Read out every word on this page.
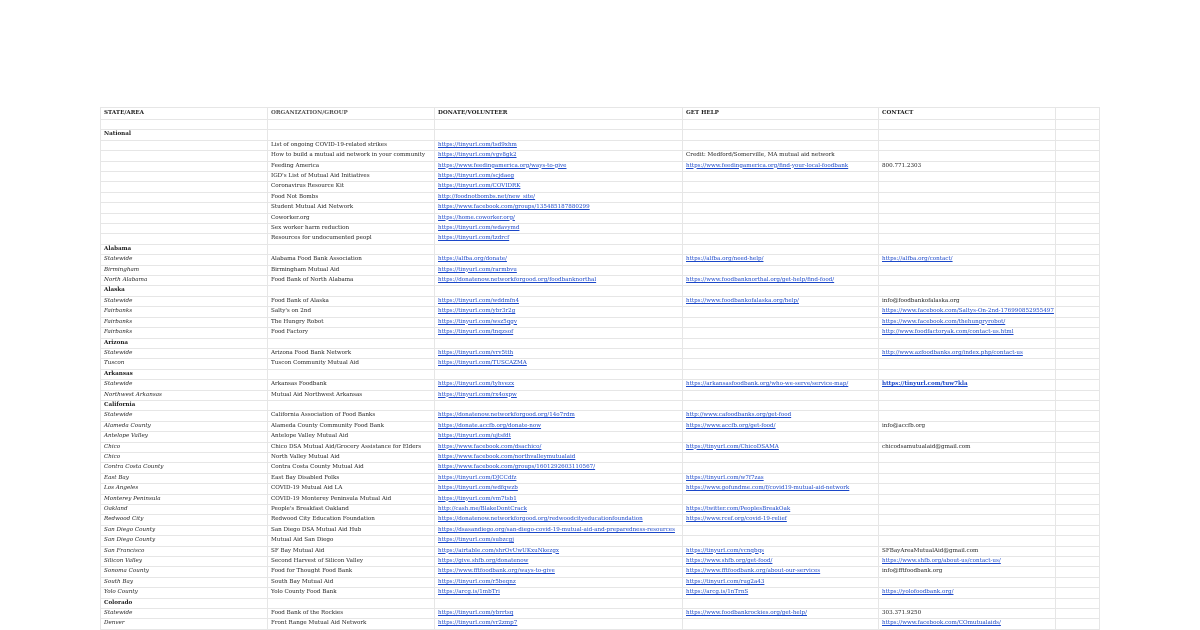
STATE/AREA	ORGANIZATION/GROUP	DONATE/VOLUNTEER	GET HELP	CONTACT	

National					
	List of ongoing COVID-19-related strikes	https://tinyurl.com/tsd9xhm			
	How to build a mutual aid network in your community	https://tinyurl.com/vgv8gk2	Credit: Medford/Somerville, MA mutual aid network		
	Feeding America	https://www.feedingamerica.org/ways-to-give	https://www.feedingamerica.org/find-your-local-foodbank	800.771.2303	
	IGD's List of Mutual Aid Initiatives	https://tinyurl.com/scjdaeg			
	Coronavirus Resource Kit	https://tinyurl.com/COVIDRK			
	Food Not Bombs	http://foodnotbombs.net/new_site/			
	Student Mutual Aid Network	https://www.facebook.com/groups/135485187880299			
	Coworker.org	https://home.coworker.org/			
	Sex worker harm reduction	https://tinyurl.com/wdavymd			
	Resources for undocumented peopl	https://tinyurl.com/tzdrcf			
Alabama					
Statewide	Alabama Food Bank Association	https://alfba.org/donate/	https://alfba.org/need-help/	https://alfba.org/contact/	
Birmingham	Birmingham Mutual Aid	https://tinyurl.com/rarmbvu			
North Alabama	Food Bank of North Alabama	https://donatenow.networkforgood.org/foodbanknorthal	https://www.foodbanknorthal.org/get-help/find-food/		
Alaska					
Statewide	Food Bank of Alaska	https://tinyurl.com/wddmfn4	https://www.foodbankofalaska.org/help/	info@foodbankofalaska.org	
Fairbanks	Salty's on 2nd	https://tinyurl.com/ybr3r2g		https://www.facebook.com/Saltys-On-2nd-176990852955497	
Fairbanks	The Hungry Robot	https://tinyurl.com/wsz5qgv		https://www.facebook.com/thehungryrobot/	
Fairbanks	Food Factory	https://tinyurl.com/tnqzsof		http://www.foodfactoryak.com/contact-us.html	
Arizona					
Statewide	Arizona Food Bank Network	https://tinyurl.com/vrv5tth		http://www.azfoodbanks.org/index.php/contact-us	
Tuscon	Tuscon Community Mutual Aid	https://tinyurl.com/TUSCAZMA			
Arkansas					
Statewide	Arkansas Foodbank	https://tinyurl.com/tyhvezx	https://arkansasfoodbank.org/who-we-serve/service-map/	https://tinyurl.com/tuw7kla	
Northwest Arkansas	Mutual Aid Northwest Arkansas	https://tinyurl.com/rx4oxpw			
California					
Statewide	California Association of Food Banks	https://donatenow.networkforgood.org/14o7rdm	http://www.cafoodbanks.org/get-food		
Alameda County	Alameda County Community Food Bank	https://donate.accfb.org/donate-now	https://www.accfb.org/get-food/	info@accfb.org	
Antelope Valley	Antelope Valley Mutual Aid	https://tinyurl.com/ujtsfdt			
Chico	Chico DSA Mutual Aid/Grocery Assistance for Elders	https://www.facebook.com/dsachico/	https://tinyurl.com/ChicoDSAMA	chicodsamutualaid@gmail.com	
Chico	North Valley Mutual Aid	https://www.facebook.com/northvalleymutualaid			
Contra Costa County	Contra Costa County Mutual Aid	https://www.facebook.com/groups/1601292603110567/			
East Bay	East Bay Disabled Folks	https://tinyurl.com/DJCCdfz	https://tinyurl.com/w7f7zas		
Los Angeles	COVID-19 Mutual Aid LA	https://tinyurl.com/wdfqwzb	https://www.gofundme.com/f/covid19-mutual-aid-network		
Monterey Peninsula	COVID-19 Monterey Peninsula Mutual Aid	https://tinyurl.com/vm7tsb1			
Oakland	People's Breakfast Oakland	http://cash.me/BlakeDontCrack	https://twitter.com/PeoplesBreakOak		
Redwood City	Redwood City Education Foundation	https://donatenow.networkforgood.org/redwoodcityeducationfoundation	https://www.rcef.org/covid-19-relief		
San Diego County	San Diego DSA Mutual Aid Hub	https://dsasandiego.org/san-diego-covid-19-mutual-aid-and-preparedness-resources			
San Diego County	Mutual Aid San Diego	https://tinyurl.com/subzcgj			
San Francisco	SF Bay Mutual Aid	https://airtable.com/shrOvUwUKxuNkezgx	https://tinyurl.com/vcnqbqs	SFBayAreaMutualAid@gmail.com	
Silicon Valley	Second Harvest of Silicon Valley	https://give.shfb.org/donatenow	https://www.shfb.org/get-food/	https://www.shfb.org/about-us/contact-us/	
Sonoma County	Food for Thought Food Bank	https://www.fftfoodbank.org/ways-to-give	https://www.fftfoodbank.org/about-our-services	info@fftfoodbank.org	
South Bay	South Bay Mutual Aid	https://tinyurl.com/r5beqnz	https://tinyurl.com/rug2a43		
Yolo County	Yolo County Food Bank	https://arcg.is/1mbTri	https://arcg.is/1nTrnS	https://yolofoodbank.org/	
Colorado					
Statewide	Food Bank of the Rockies	https://tinyurl.com/ybrrtsq	https://www.foodbankrockies.org/get-help/	303.371.9250	
Denver	Front Range Mutual Aid Network	https://tinyurl.com/vr2zmp7		https://www.facebook.com/COmutualaids/	
